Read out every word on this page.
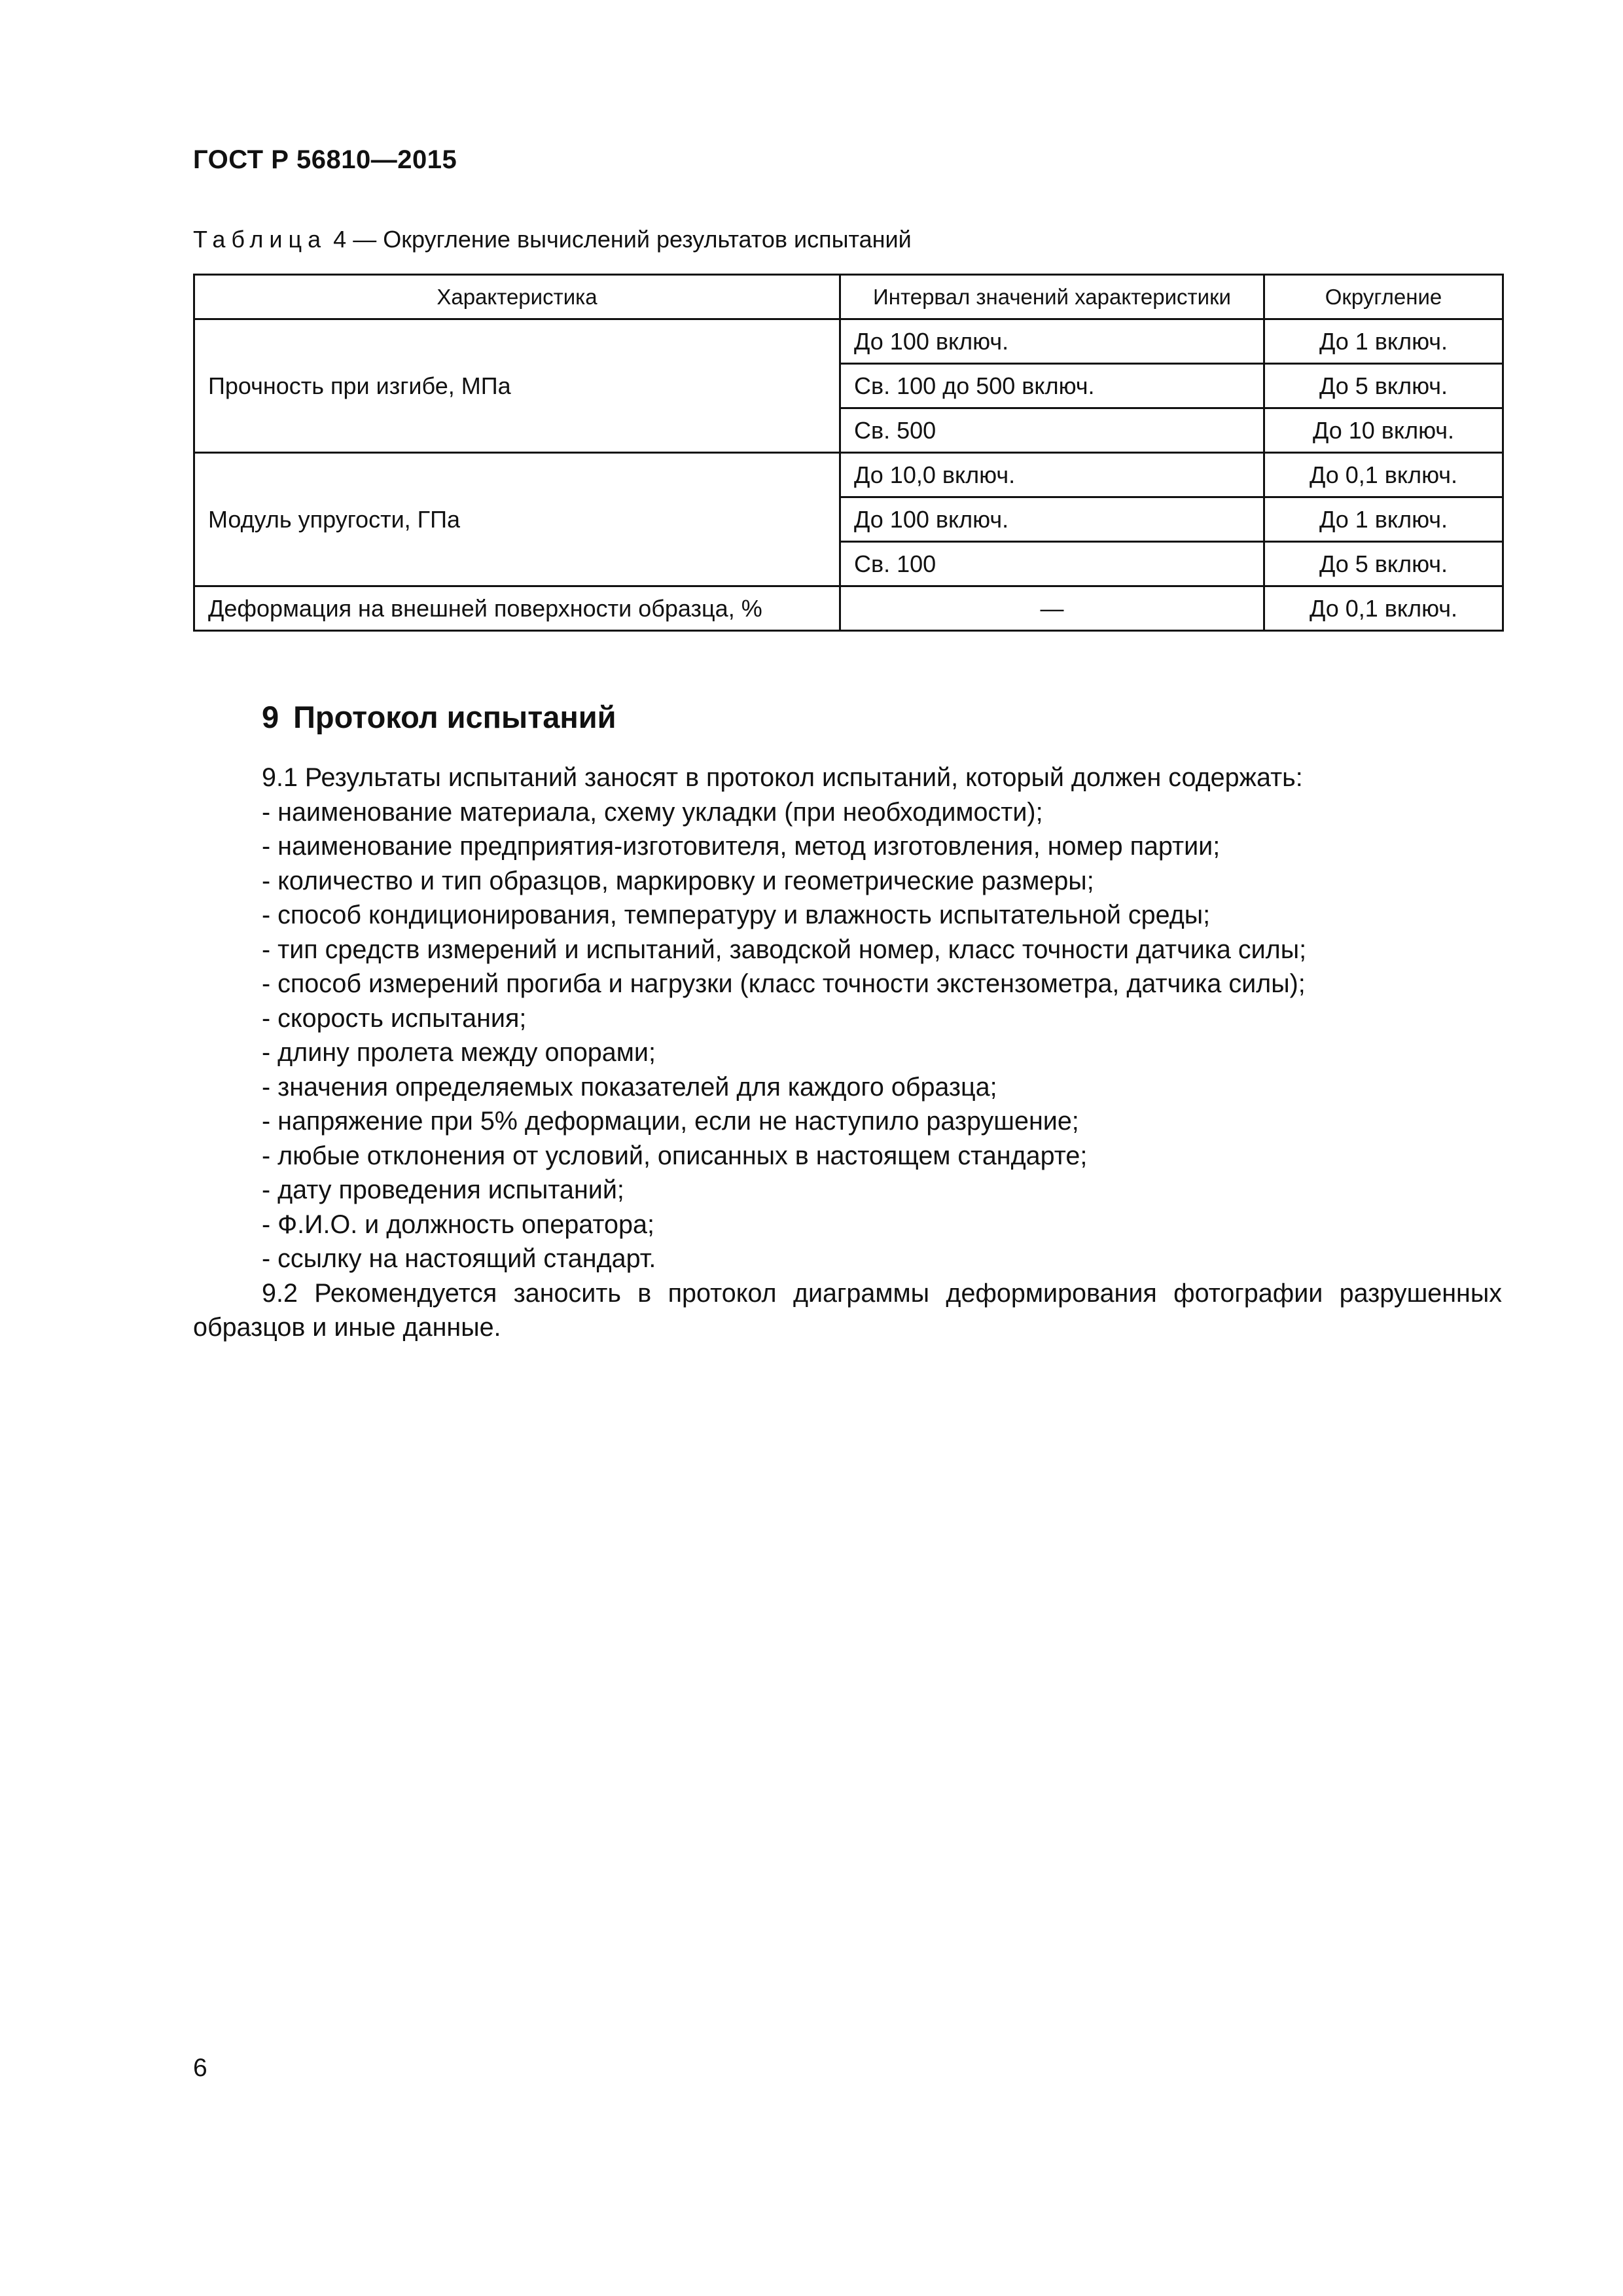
ГОСТ Р 56810—2015
Таблица 4 — Округление вычислений результатов испытаний
Характеристика	Интервал значений характеристики	Округление
Прочность при изгибе, МПа	До 100 включ.	До 1 включ.
	Св. 100 до 500 включ.	До 5 включ.
	Св. 500	До 10 включ.
Модуль упругости, ГПа	До 10,0 включ.	До 0,1 включ.
	До 100 включ.	До 1 включ.
	Св. 100	До 5 включ.
Деформация на внешней поверхности образца, %	—	До 0,1 включ.
9 Протокол испытаний

9.1 Результаты испытаний заносят в протокол испытаний, который должен содержать:

- наименование материала, схему укладки (при необходимости);

- наименование предприятия-изготовителя, метод изготовления, номер партии;

- количество и тип образцов, маркировку и геометрические размеры;

- способ кондиционирования, температуру и влажность испытательной среды;

- тип средств измерений и испытаний, заводской номер, класс точности датчика силы;

- способ измерений прогиба и нагрузки (класс точности экстензометра, датчика силы);

- скорость испытания;

- длину пролета между опорами;

- значения определяемых показателей для каждого образца;

- напряжение при 5% деформации, если не наступило разрушение;

- любые отклонения от условий, описанных в настоящем стандарте;

- дату проведения испытаний;

- Ф.И.О. и должность оператора;

- ссылку на настоящий стандарт.

9.2 Рекомендуется заносить в протокол диаграммы деформирования фотографии разрушенных образцов и иные данные.

6
